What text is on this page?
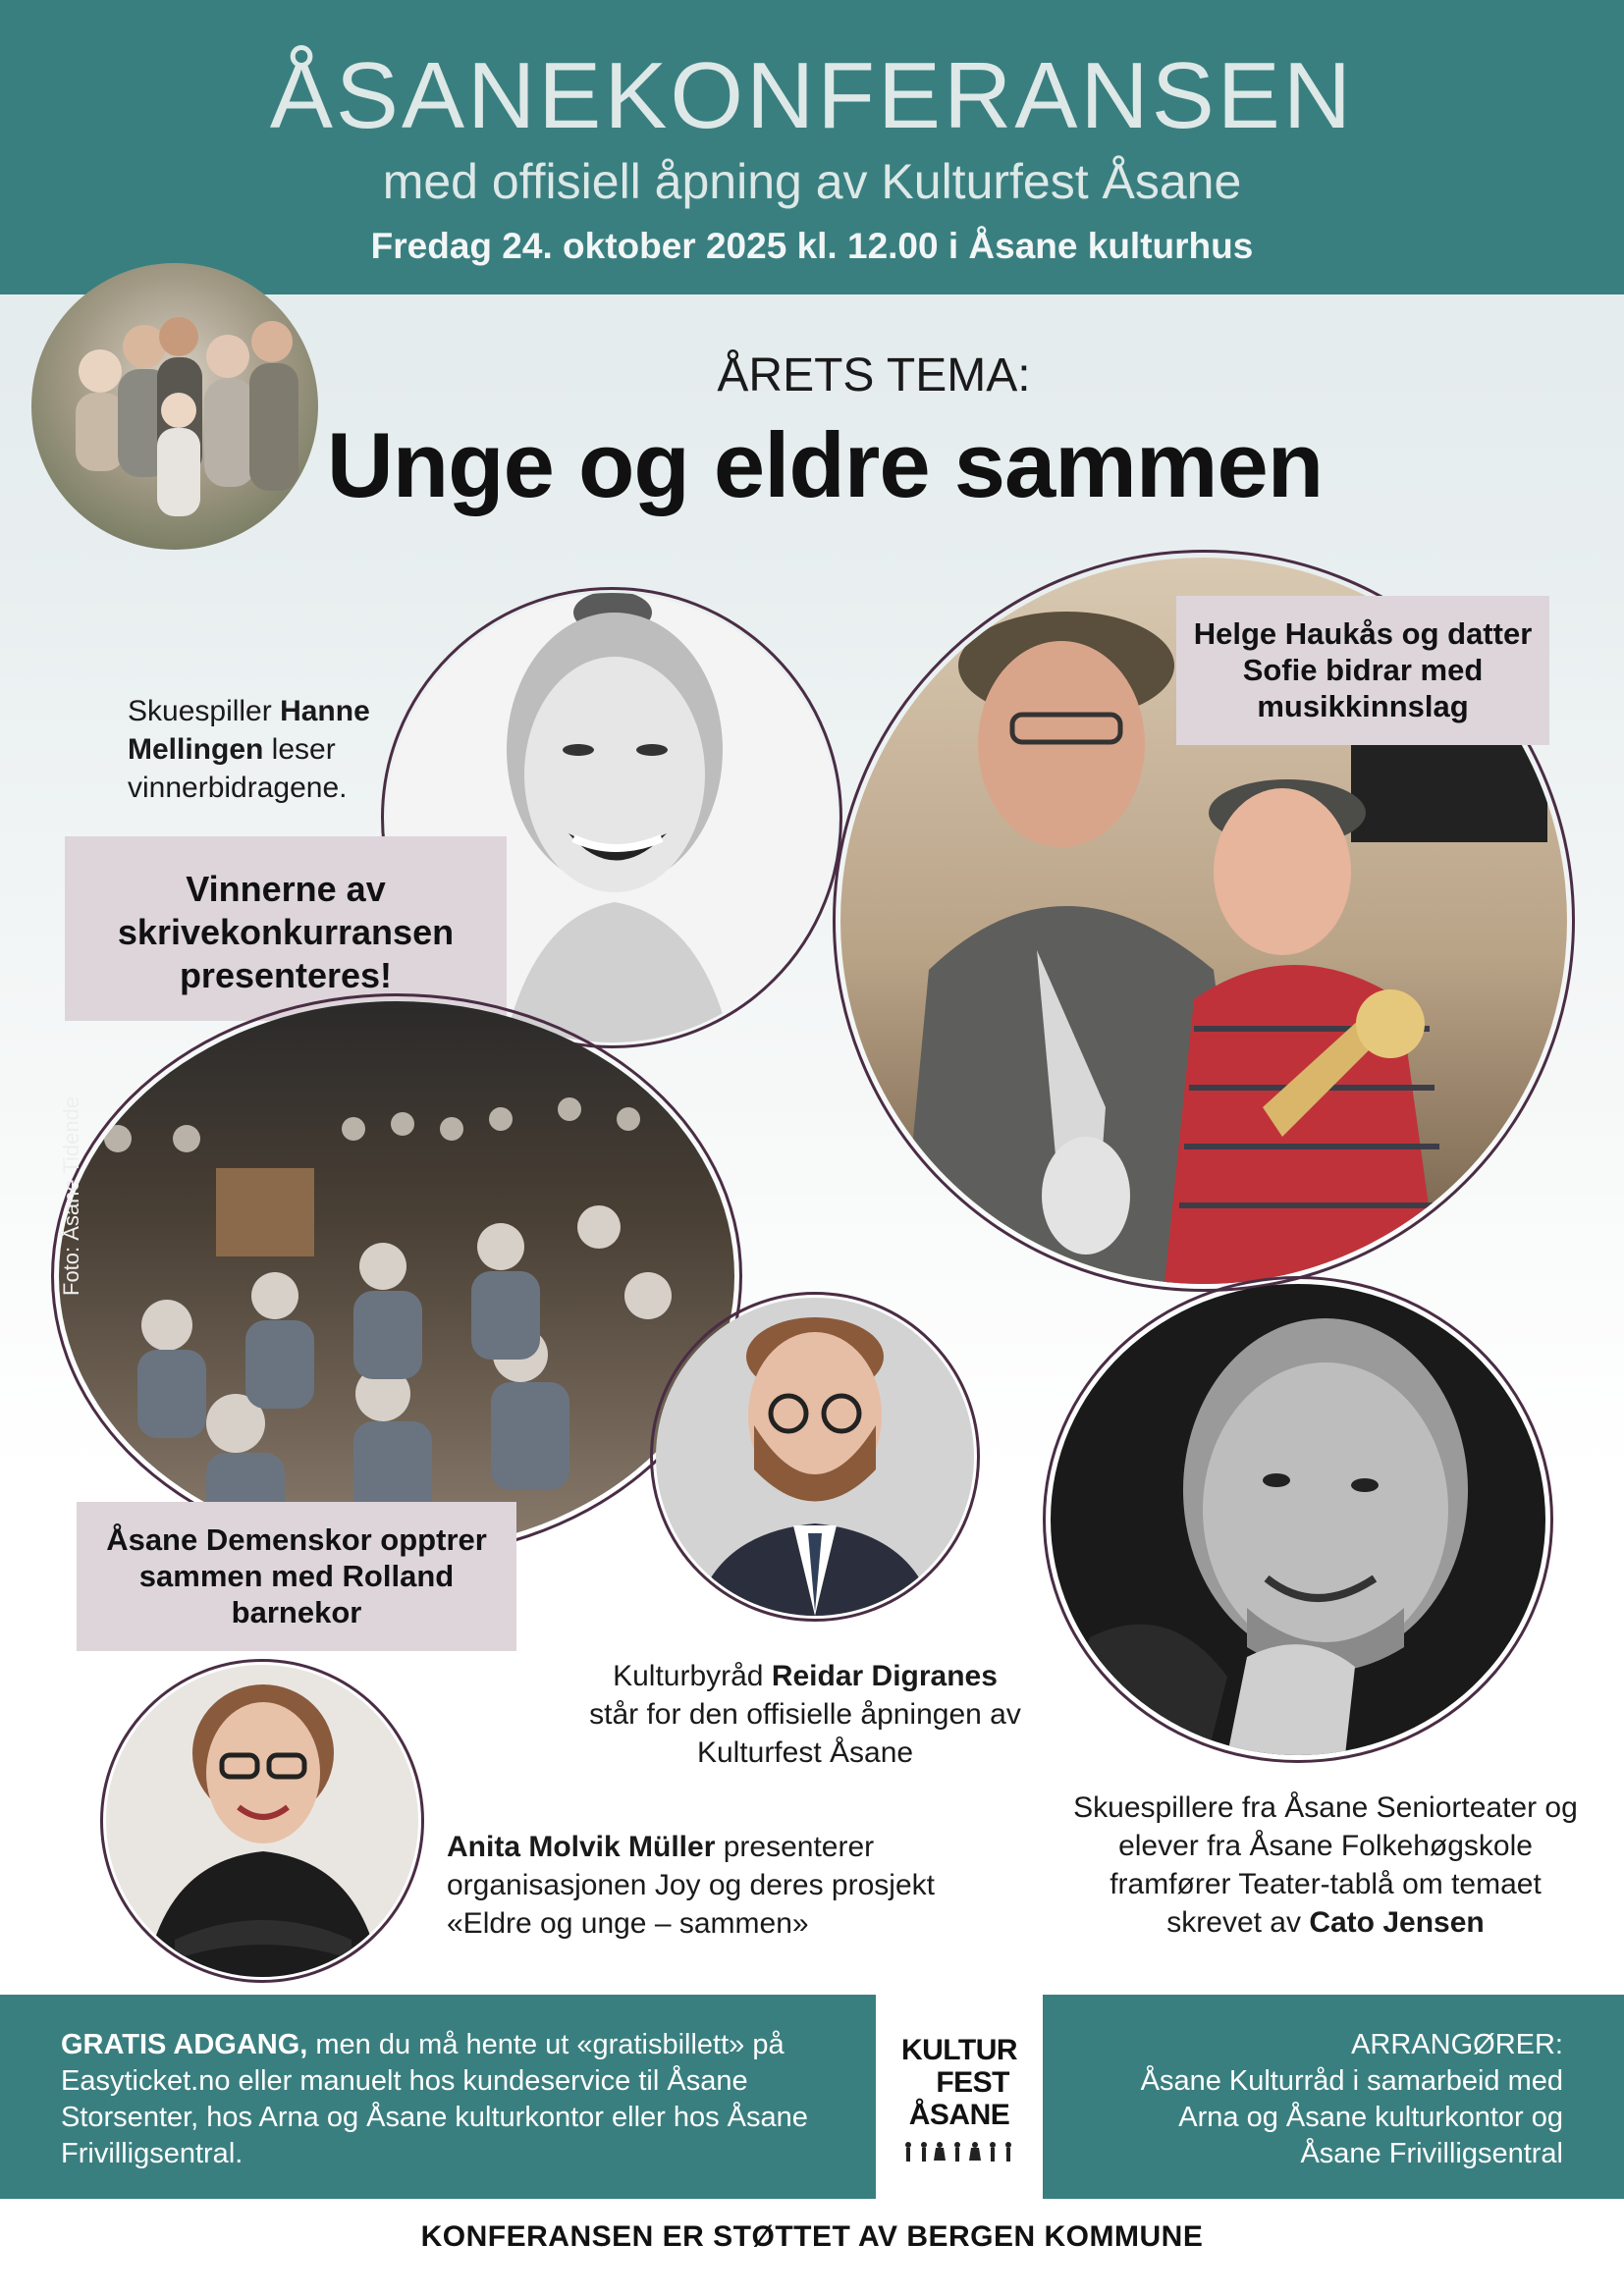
ÅSANEKONFERANSEN
med offisiell åpning av Kulturfest Åsane
Fredag 24. oktober 2025 kl. 12.00 i Åsane kulturhus
ÅRETS TEMA:
Unge og eldre sammen
Skuespiller Hanne Mellingen leser vinnerbidragene.
Vinnerne av skrivekonkurransen presenteres!
Helge Haukås og datter Sofie bidrar med musikkinnslag
Foto: Åsane Tidende
Åsane Demenskor opptrer sammen med Rolland barnekor
Kulturbyråd Reidar Digranes
står for den offisielle åpningen av Kulturfest Åsane
Skuespillere fra Åsane Seniorteater og elever fra Åsane Folkehøgskole framfører Teater-tablå om temaet skrevet av Cato Jensen
Anita Molvik Müller presenterer organisasjonen Joy og deres prosjekt «Eldre og unge – sammen»
GRATIS ADGANG, men du må hente ut «gratisbillett» på Easyticket.no eller manuelt hos kundeservice til Åsane Storsenter, hos Arna og Åsane kulturkontor eller hos Åsane Frivilligsentral.
KULTUR
FEST
ÅSANE
ARRANGØRER:
Åsane Kulturråd i samarbeid med Arna og Åsane kulturkontor og Åsane Frivilligsentral
KONFERANSEN ER STØTTET AV BERGEN KOMMUNE
